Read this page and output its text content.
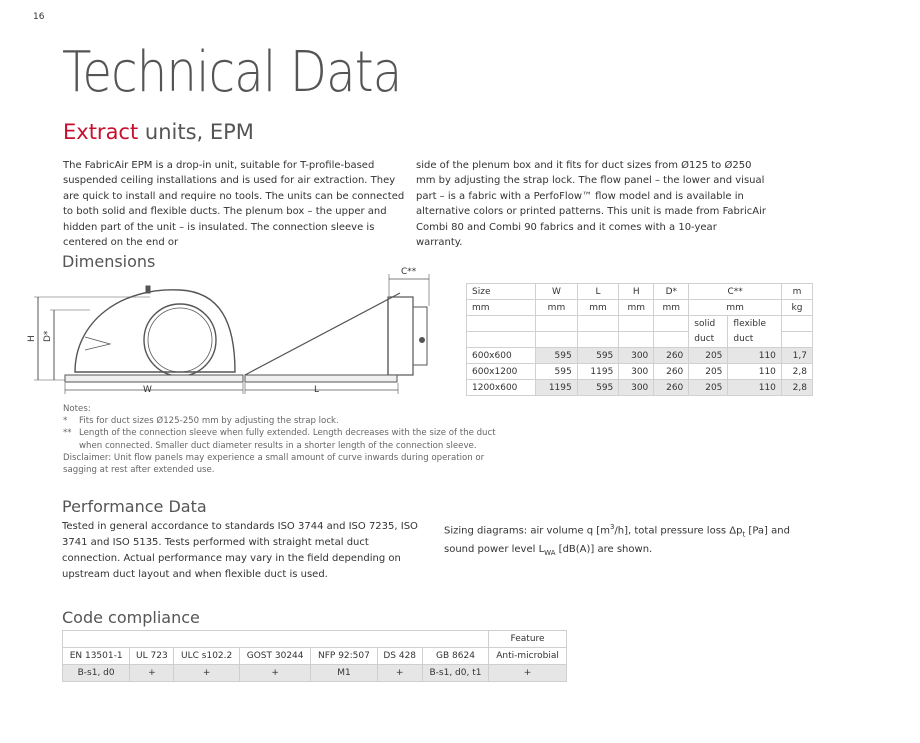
16
Technical Data
Extract units, EPM
The FabricAir EPM is a drop-in unit, suitable for T-profile-based suspended ceiling installations and is used for air extraction. They are quick to install and require no tools. The units can be connected to both solid and flexible ducts. The plenum box – the upper and hidden part of the unit – is insulated. The connection sleeve is centered on the end or
side of the plenum box and it fits for duct sizes from Ø125 to Ø250 mm by adjusting the strap lock. The flow panel – the lower and visual part – is a fabric with a PerfoFlow™ flow model and is available in alternative colors or printed patterns. This unit is made from FabricAir Combi 80 and Combi 90 fabrics and it comes with a 10-year warranty.
Dimensions
H D*
W	L
C**
Size	W	L	H	D*	C**		m
mm	mm	mm	mm	mm	mm		kg
					solid	flexible	
					duct	duct	
600x600	595	595	300	260	205	110	1,7
600x1200	595	1195	300	260	205	110	2,8
1200x600	1195	595	300	260	205	110	2,8
Notes:
* Fits for duct sizes Ø125-250 mm by adjusting the strap lock.
** Length of the connection sleeve when fully extended. Length decreases with the size of the duct when connected. Smaller duct diameter results in a shorter length of the connection sleeve.
Disclaimer: Unit flow panels may experience a small amount of curve inwards during operation or sagging at rest after extended use.
Performance Data
Tested in general accordance to standards ISO 3744 and ISO 7235, ISO 3741 and ISO 5135. Tests performed with straight metal duct connection. Actual performance may vary in the field depending on upstream duct layout and when flexible duct is used.
Sizing diagrams: air volume q $[m^3/h]$, total pressure loss $\Delta p_t$ [Pa] and sound power level $L_{WA}$ [dB(A)] are shown.
Code compliance
							Feature
EN 13501-1	UL 723	ULC s102.2	GOST 30244	NFP 92:507	DS 428	GB 8624	Anti-microbial
B-s1, d0	+	+	+	M1	+	B-s1, d0, t1	+
